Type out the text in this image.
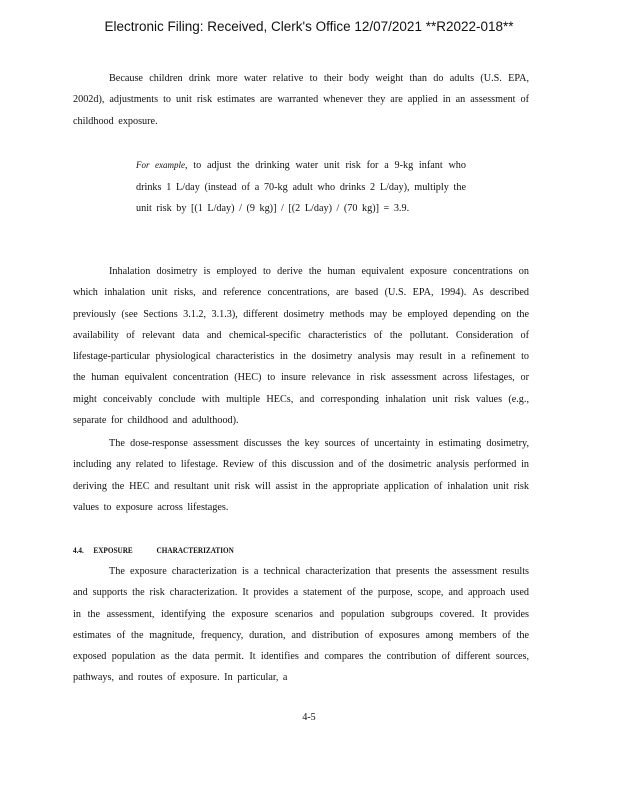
Electronic Filing: Received, Clerk's Office 12/07/2021 **R2022-018**

Because children drink more water relative to their body weight than do adults (U.S. EPA, 2002d), adjustments to unit risk estimates are warranted whenever they are applied in an assessment of childhood exposure.

For example, to adjust the drinking water unit risk for a 9-kg infant who drinks 1 L/day (instead of a 70-kg adult who drinks 2 L/day), multiply the unit risk by [(1 L/day) / (9 kg)] / [(2 L/day) / (70 kg)] = 3.9.

Inhalation dosimetry is employed to derive the human equivalent exposure concentrations on which inhalation unit risks, and reference concentrations, are based (U.S. EPA, 1994). As described previously (see Sections 3.1.2, 3.1.3), different dosimetry methods may be employed depending on the availability of relevant data and chemical-specific characteristics of the pollutant. Consideration of lifestage-particular physiological characteristics in the dosimetry analysis may result in a refinement to the human equivalent concentration (HEC) to insure relevance in risk assessment across lifestages, or might conceivably conclude with multiple HECs, and corresponding inhalation unit risk values (e.g., separate for childhood and adulthood).

The dose-response assessment discusses the key sources of uncertainty in estimating dosimetry, including any related to lifestage. Review of this discussion and of the dosimetric analysis performed in deriving the HEC and resultant unit risk will assist in the appropriate application of inhalation unit risk values to exposure across lifestages.

4.4. EXPOSURE	CHARACTERIZATION

The exposure characterization is a technical characterization that presents the assessment results and supports the risk characterization. It provides a statement of the purpose, scope, and approach used in the assessment, identifying the exposure scenarios and population subgroups covered. It provides estimates of the magnitude, frequency, duration, and distribution of exposures among members of the exposed population as the data permit. It identifies and compares the contribution of different sources, pathways, and routes of exposure. In particular, a

4-5
